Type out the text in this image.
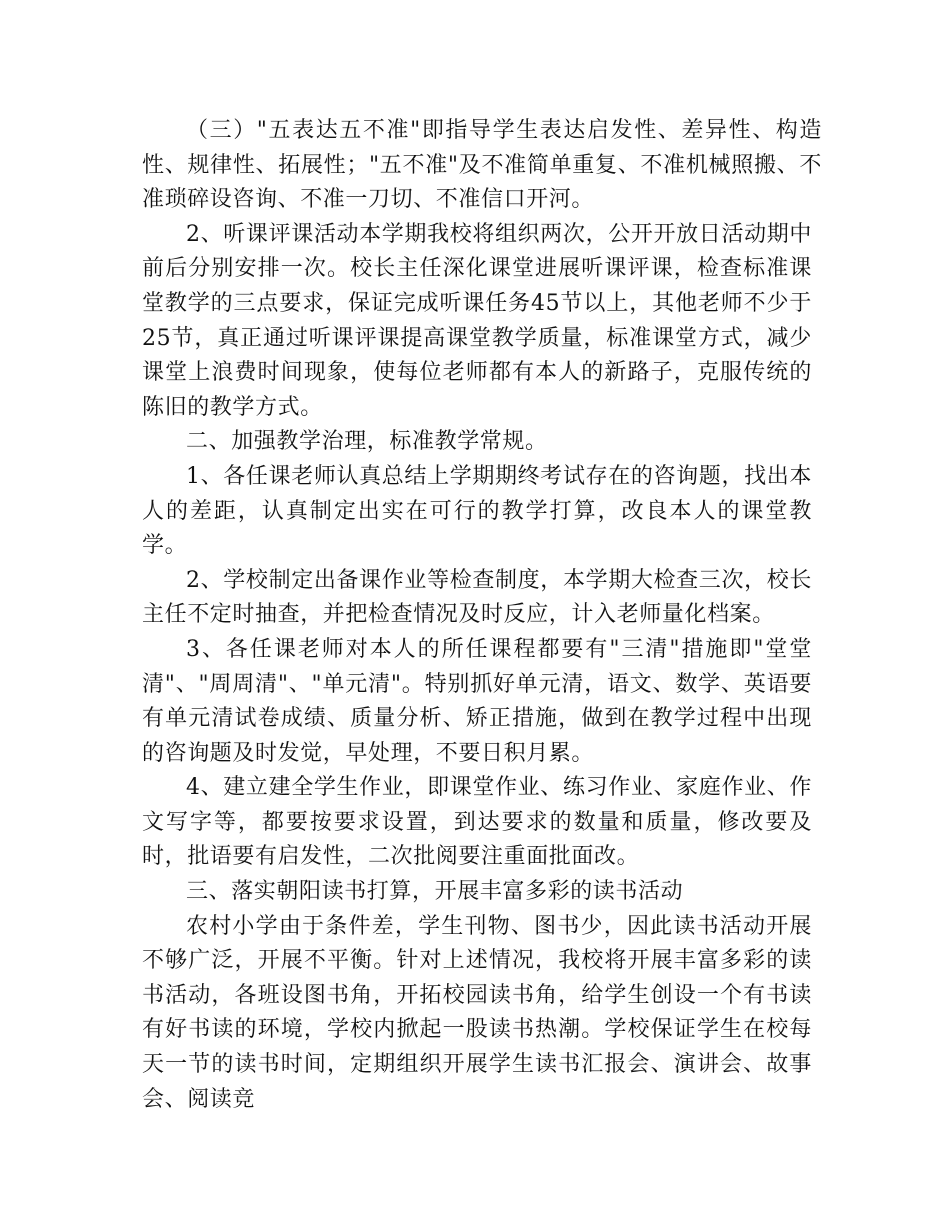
（三）"五表达五不准"即指导学生表达启发性、差异性、构造性、规律性、拓展性；"五不准"及不准简单重复、不准机械照搬、不准琐碎设咨询、不准一刀切、不准信口开河。

2、听课评课活动本学期我校将组织两次，公开开放日活动期中前后分别安排一次。校长主任深化课堂进展听课评课，检查标准课堂教学的三点要求，保证完成听课任务45节以上，其他老师不少于25节，真正通过听课评课提高课堂教学质量，标准课堂方式，减少课堂上浪费时间现象，使每位老师都有本人的新路子，克服传统的陈旧的教学方式。

二、加强教学治理，标准教学常规。

1、各任课老师认真总结上学期期终考试存在的咨询题，找出本人的差距，认真制定出实在可行的教学打算，改良本人的课堂教学。

2、学校制定出备课作业等检查制度，本学期大检查三次，校长主任不定时抽查，并把检查情况及时反应，计入老师量化档案。

3、各任课老师对本人的所任课程都要有"三清"措施即"堂堂清"、"周周清"、"单元清"。特别抓好单元清，语文、数学、英语要有单元清试卷成绩、质量分析、矫正措施，做到在教学过程中出现的咨询题及时发觉，早处理，不要日积月累。

4、建立建全学生作业，即课堂作业、练习作业、家庭作业、作文写字等，都要按要求设置，到达要求的数量和质量，修改要及时，批语要有启发性，二次批阅要注重面批面改。

三、落实朝阳读书打算，开展丰富多彩的读书活动

农村小学由于条件差，学生刊物、图书少，因此读书活动开展不够广泛，开展不平衡。针对上述情况，我校将开展丰富多彩的读书活动，各班设图书角，开拓校园读书角，给学生创设一个有书读有好书读的环境，学校内掀起一股读书热潮。学校保证学生在校每天一节的读书时间，定期组织开展学生读书汇报会、演讲会、故事会、阅读竞
